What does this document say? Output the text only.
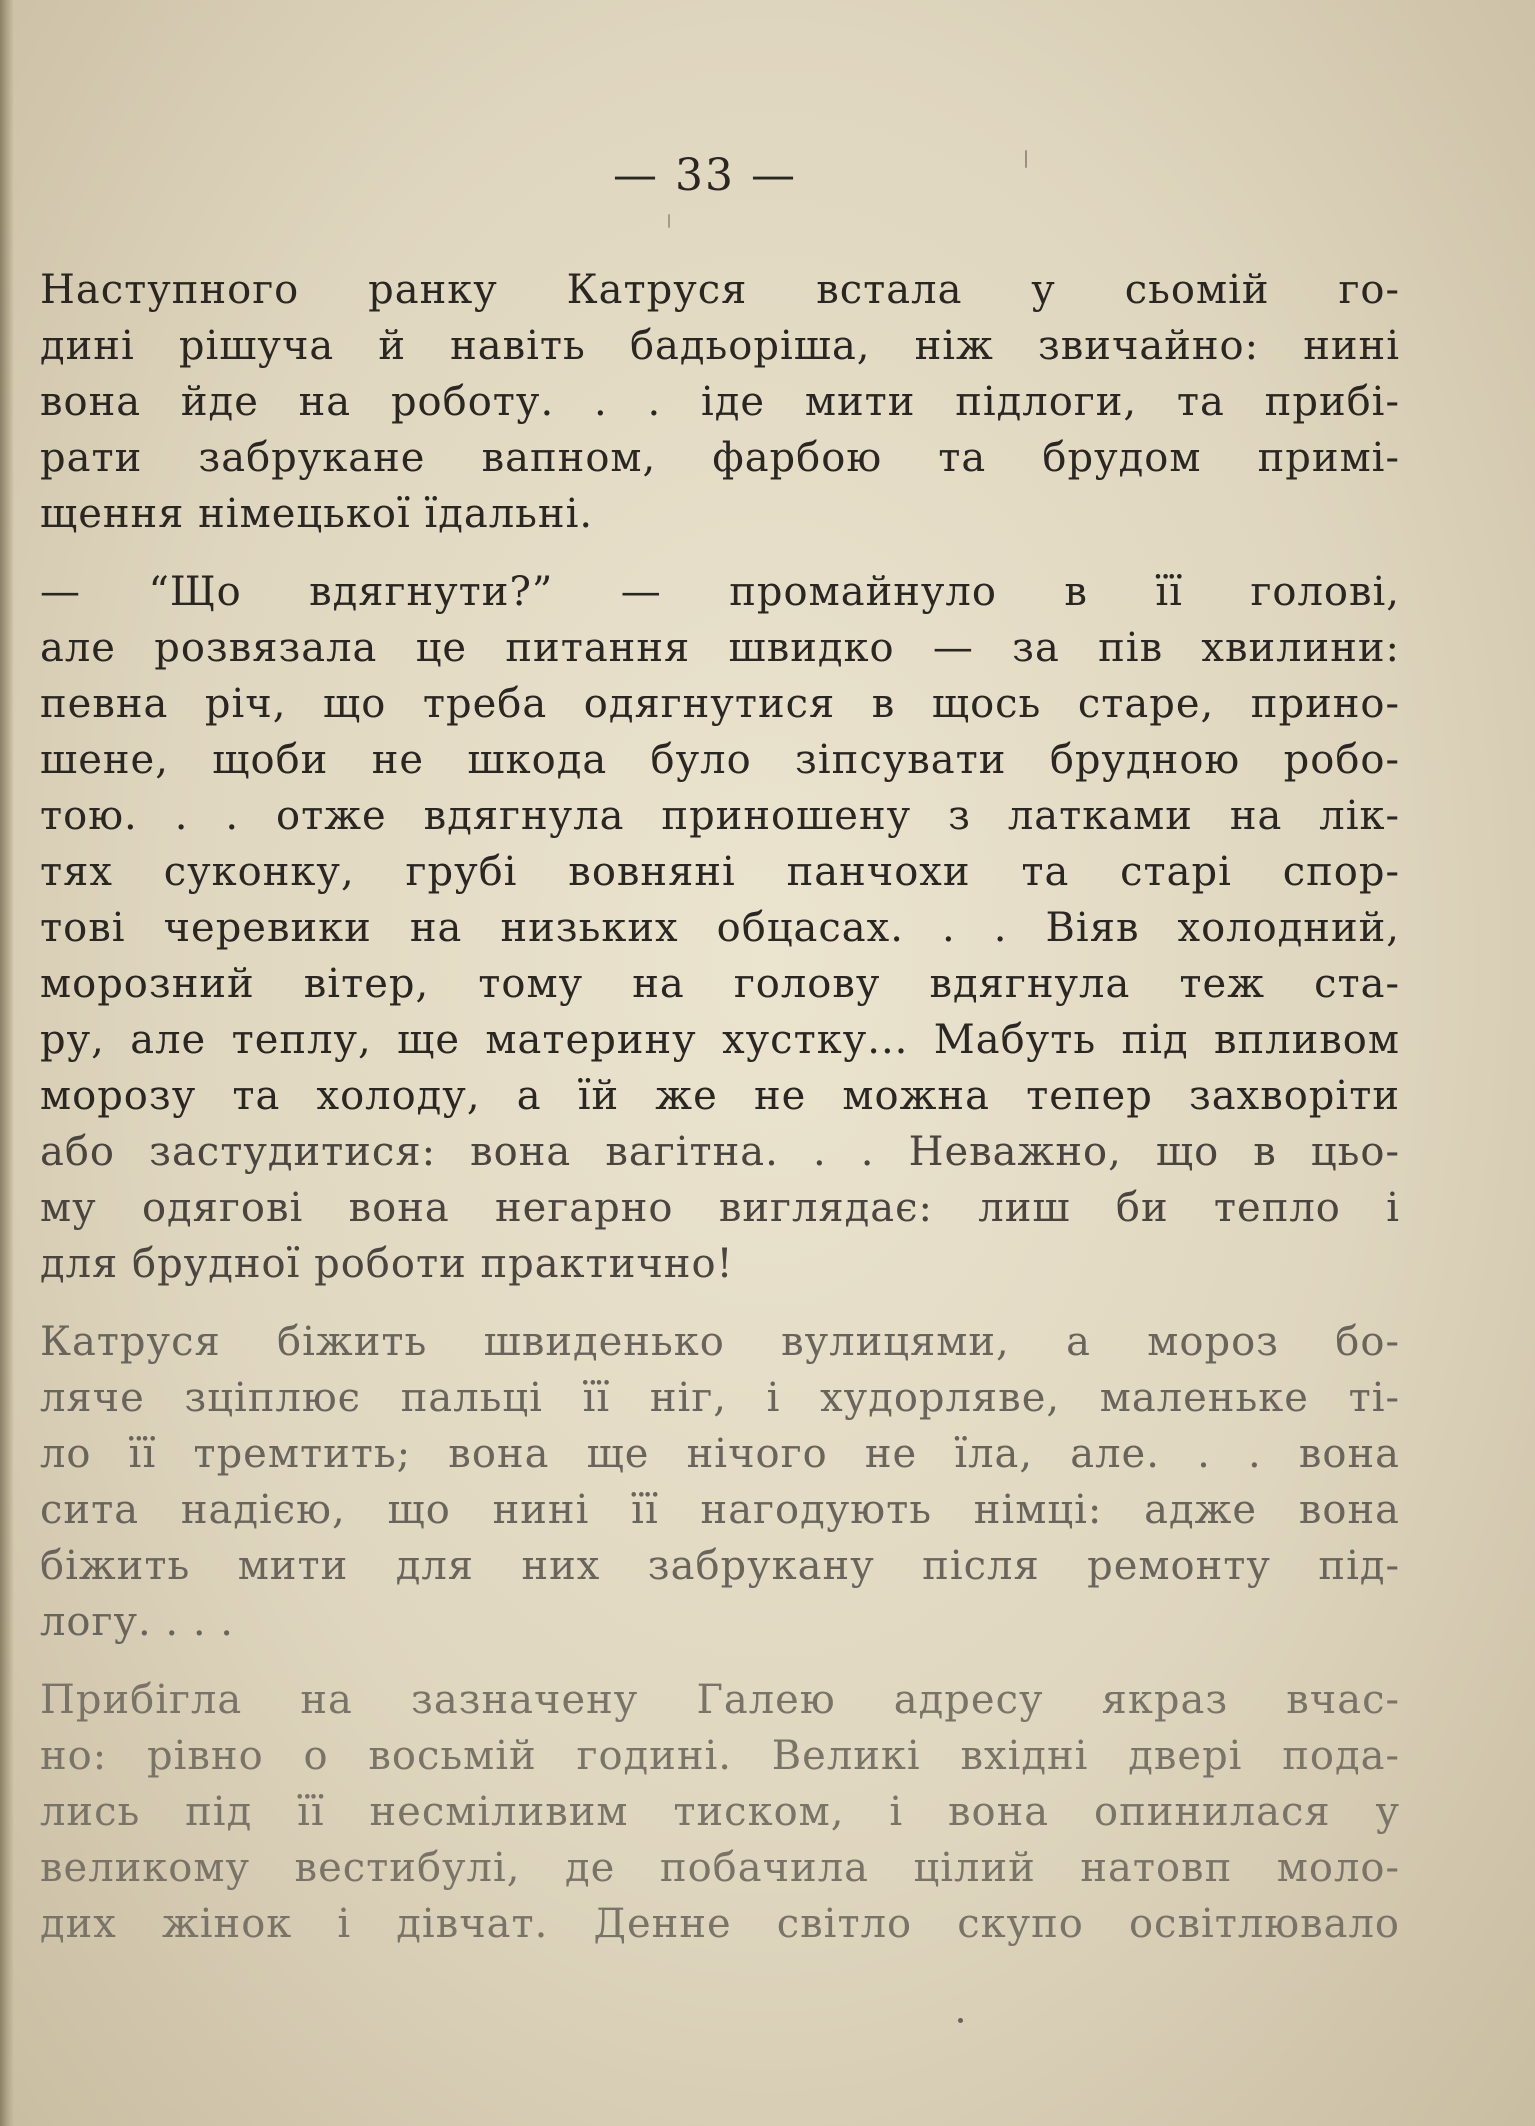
— 33 —
Наступного ранку Катруся встала у сьомій го-
дині рішуча й навіть бадьоріша, ніж звичайно: нині
вона йде на роботу. . . іде мити підлоги, та прибі-
рати забрукане вапном, фарбою та брудом примі-
щення німецької їдальні.
— “Що вдягнути?” — промайнуло в її голові,
але розвязала це питання швидко — за пів хвилини:
певна річ, що треба одягнутися в щось старе, прино-
шене, щоби не шкода було зіпсувати брудною робо-
тою. . . отже вдягнула приношену з латками на лік-
тях суконку, грубі вовняні панчохи та старі спор-
тові черевики на низьких обцасах. . . Віяв холодний,
морозний вітер, тому на голову вдягнула теж ста-
ру, але теплу, ще материну хустку... Мабуть під впливом
морозу та холоду, а їй же не можна тепер захворіти
або застудитися: вона вагітна. . . Неважно, що в цьо-
му одягові вона негарно виглядає: лиш би тепло і
для брудної роботи практично!
Катруся біжить швиденько вулицями, а мороз бо-
ляче зціплює пальці її ніг, і худорляве, маленьке ті-
ло її тремтить; вона ще нічого не їла, але. . . вона
сита надією, що нині її нагодують німці: адже вона
біжить мити для них забрукану після ремонту під-
логу. . . .
Прибігла на зазначену Галею адресу якраз вчас-
но: рівно о восьмій годині. Великі вхідні двері пода-
лись під її несміливим тиском, і вона опинилася у
великому вестибулі, де побачила цілий натовп моло-
дих жінок і дівчат. Денне світло скупо освітлювало
